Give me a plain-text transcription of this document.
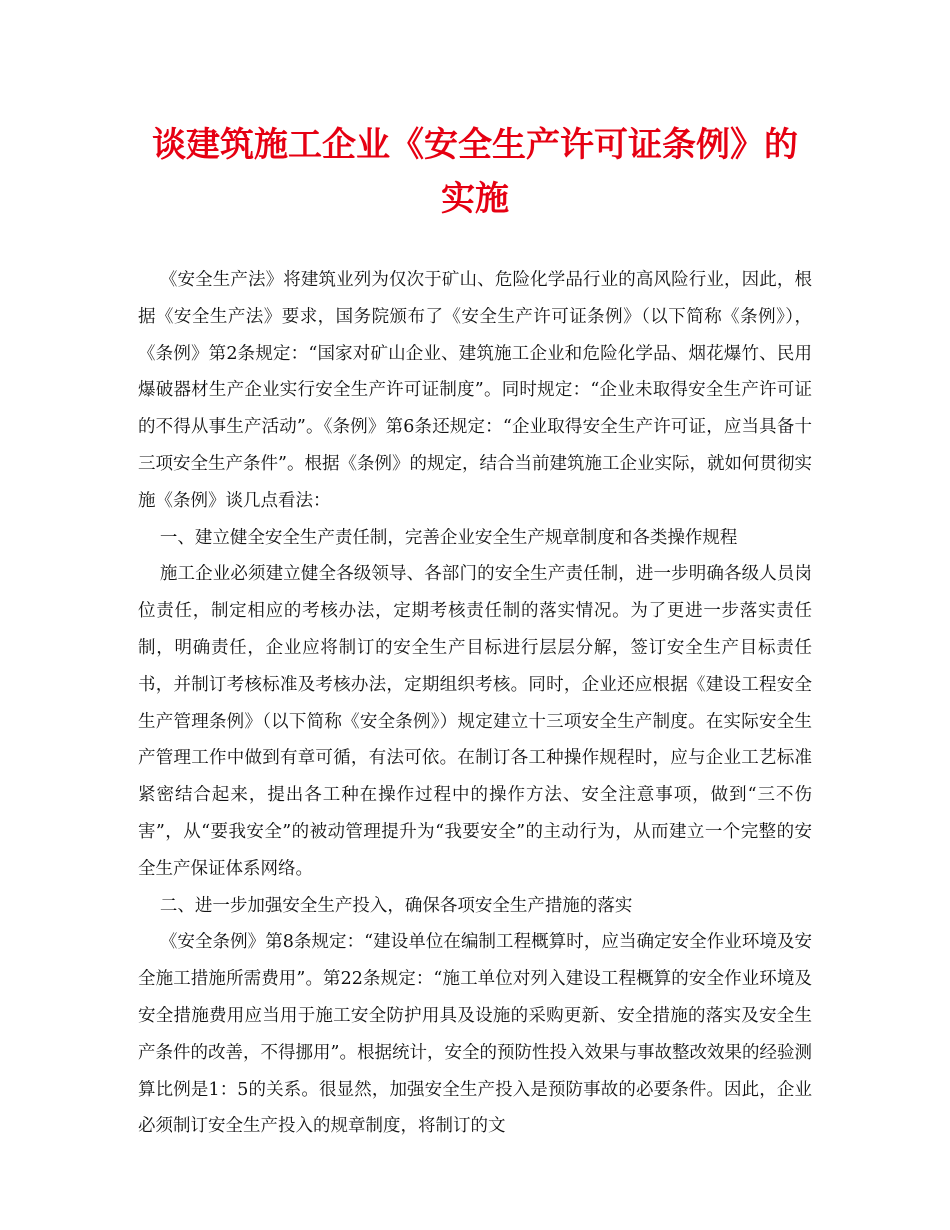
谈建筑施工企业《安全生产许可证条例》的
实施

《安全生产法》将建筑业列为仅次于矿山、危险化学品行业的高风险行业，因此，根据《安全生产法》要求，国务院颁布了《安全生产许可证条例》（以下简称《条例》），《条例》第2条规定：“国家对矿山企业、建筑施工企业和危险化学品、烟花爆竹、民用爆破器材生产企业实行安全生产许可证制度”。同时规定：“企业未取得安全生产许可证的不得从事生产活动”。《条例》第6条还规定：“企业取得安全生产许可证，应当具备十三项安全生产条件”。根据《条例》的规定，结合当前建筑施工企业实际，就如何贯彻实施《条例》谈几点看法：

一、建立健全安全生产责任制，完善企业安全生产规章制度和各类操作规程

施工企业必须建立健全各级领导、各部门的安全生产责任制，进一步明确各级人员岗位责任，制定相应的考核办法，定期考核责任制的落实情况。为了更进一步落实责任制，明确责任，企业应将制订的安全生产目标进行层层分解，签订安全生产目标责任书，并制订考核标准及考核办法，定期组织考核。同时，企业还应根据《建设工程安全生产管理条例》（以下简称《安全条例》）规定建立十三项安全生产制度。在实际安全生产管理工作中做到有章可循，有法可依。在制订各工种操作规程时，应与企业工艺标准紧密结合起来，提出各工种在操作过程中的操作方法、安全注意事项，做到“三不伤害”，从“要我安全”的被动管理提升为“我要安全”的主动行为，从而建立一个完整的安全生产保证体系网络。

二、进一步加强安全生产投入，确保各项安全生产措施的落实

《安全条例》第8条规定：“建设单位在编制工程概算时，应当确定安全作业环境及安全施工措施所需费用”。第22条规定：“施工单位对列入建设工程概算的安全作业环境及安全措施费用应当用于施工安全防护用具及设施的采购更新、安全措施的落实及安全生产条件的改善，不得挪用”。根据统计，安全的预防性投入效果与事故整改效果的经验测算比例是1：5的关系。很显然，加强安全生产投入是预防事故的必要条件。因此，企业必须制订安全生产投入的规章制度，将制订的文
